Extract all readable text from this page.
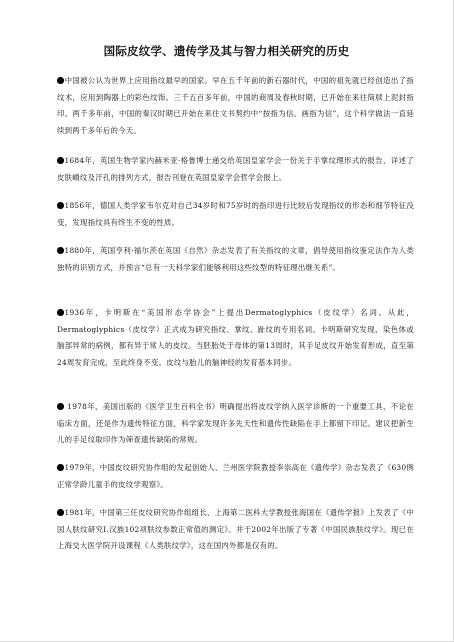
国际皮纹学、遗传学及其与智力相关研究的历史
中国被公认为世界上应用指纹最早的国家。早在五千年前的新石器时代，中国的祖先就已经创造出了指纹术，应用到陶器上的彩色纹饰。三千五百多年前，中国的商周及春秋时期，已开始在来往简牍上泥封指印。两千多年前，中国的秦汉时期已开始在来往文书契约中“按指为信、画指为信”，这个科学做法一直延续到两千多年后的今天。
1684年，英国生物学家内赫米亚·格鲁博士递交给英国皇家学会一份关于手掌纹理形式的报告，详述了皮肤嵴纹及汗孔的排列方式。报告刊登在英国皇家学会哲学会报上。
1856年，德国人类学家韦尔克对自己34岁时和75岁时的指印进行比较后发现指纹的形态和细节特征没变，发现指纹具有终生不变的性质。
1880年，英国亨利·福尔茨在英国《自然》杂志发表了有关指纹的文章，倡导使用指纹鉴定法作为人类独特的识别方式，并预言“总有一天科学家们能够利用这些纹型的特征理出继关系”。
1936年，卡明斯在“美国形态学协会”上提出Dermatoglyphics（皮纹学）名词。从此，Dermatoglyphics（皮纹学）正式成为研究指纹、掌纹、趾纹的专用名词。卡明斯研究发现，染色体或脑部异常的病例，都有异于常人的皮纹。当胚胎处于母体的第13周时，其手足皮纹开始发育形成，直至第24周发育完成，至此终身不变。皮纹与胎儿的脑神经的发育基本同步。
1978年，美国出版的《医学卫生百科全书》明确提出将皮纹学纳入医学诊断的一个重要工具，不论在临床方面，还是作为遗传特征方面，科学家发现许多先天性和遗传性缺陷在手上都留下印记。建议把新生儿的手足纹取印作为筛查遗传缺陷的常规。
1979年，中国皮纹研究协作组的发起创始人、兰州医学院教授李崇高在《遗传学》杂志发表了《630例正常学龄儿童手的皮纹学观察》。
1981年，中国第三任皮纹研究协作组组长、上海第二医科大学教授张海国在《遗传学报》上发表了《中国人肤纹研究Ⅰ.汉族102项肤纹参数正常值的测定》。并于2002年出版了专著《中国民族肤纹学》。现已在上海交大医学院开设课程《人类肤纹学》，这在国内外都是仅有的。
